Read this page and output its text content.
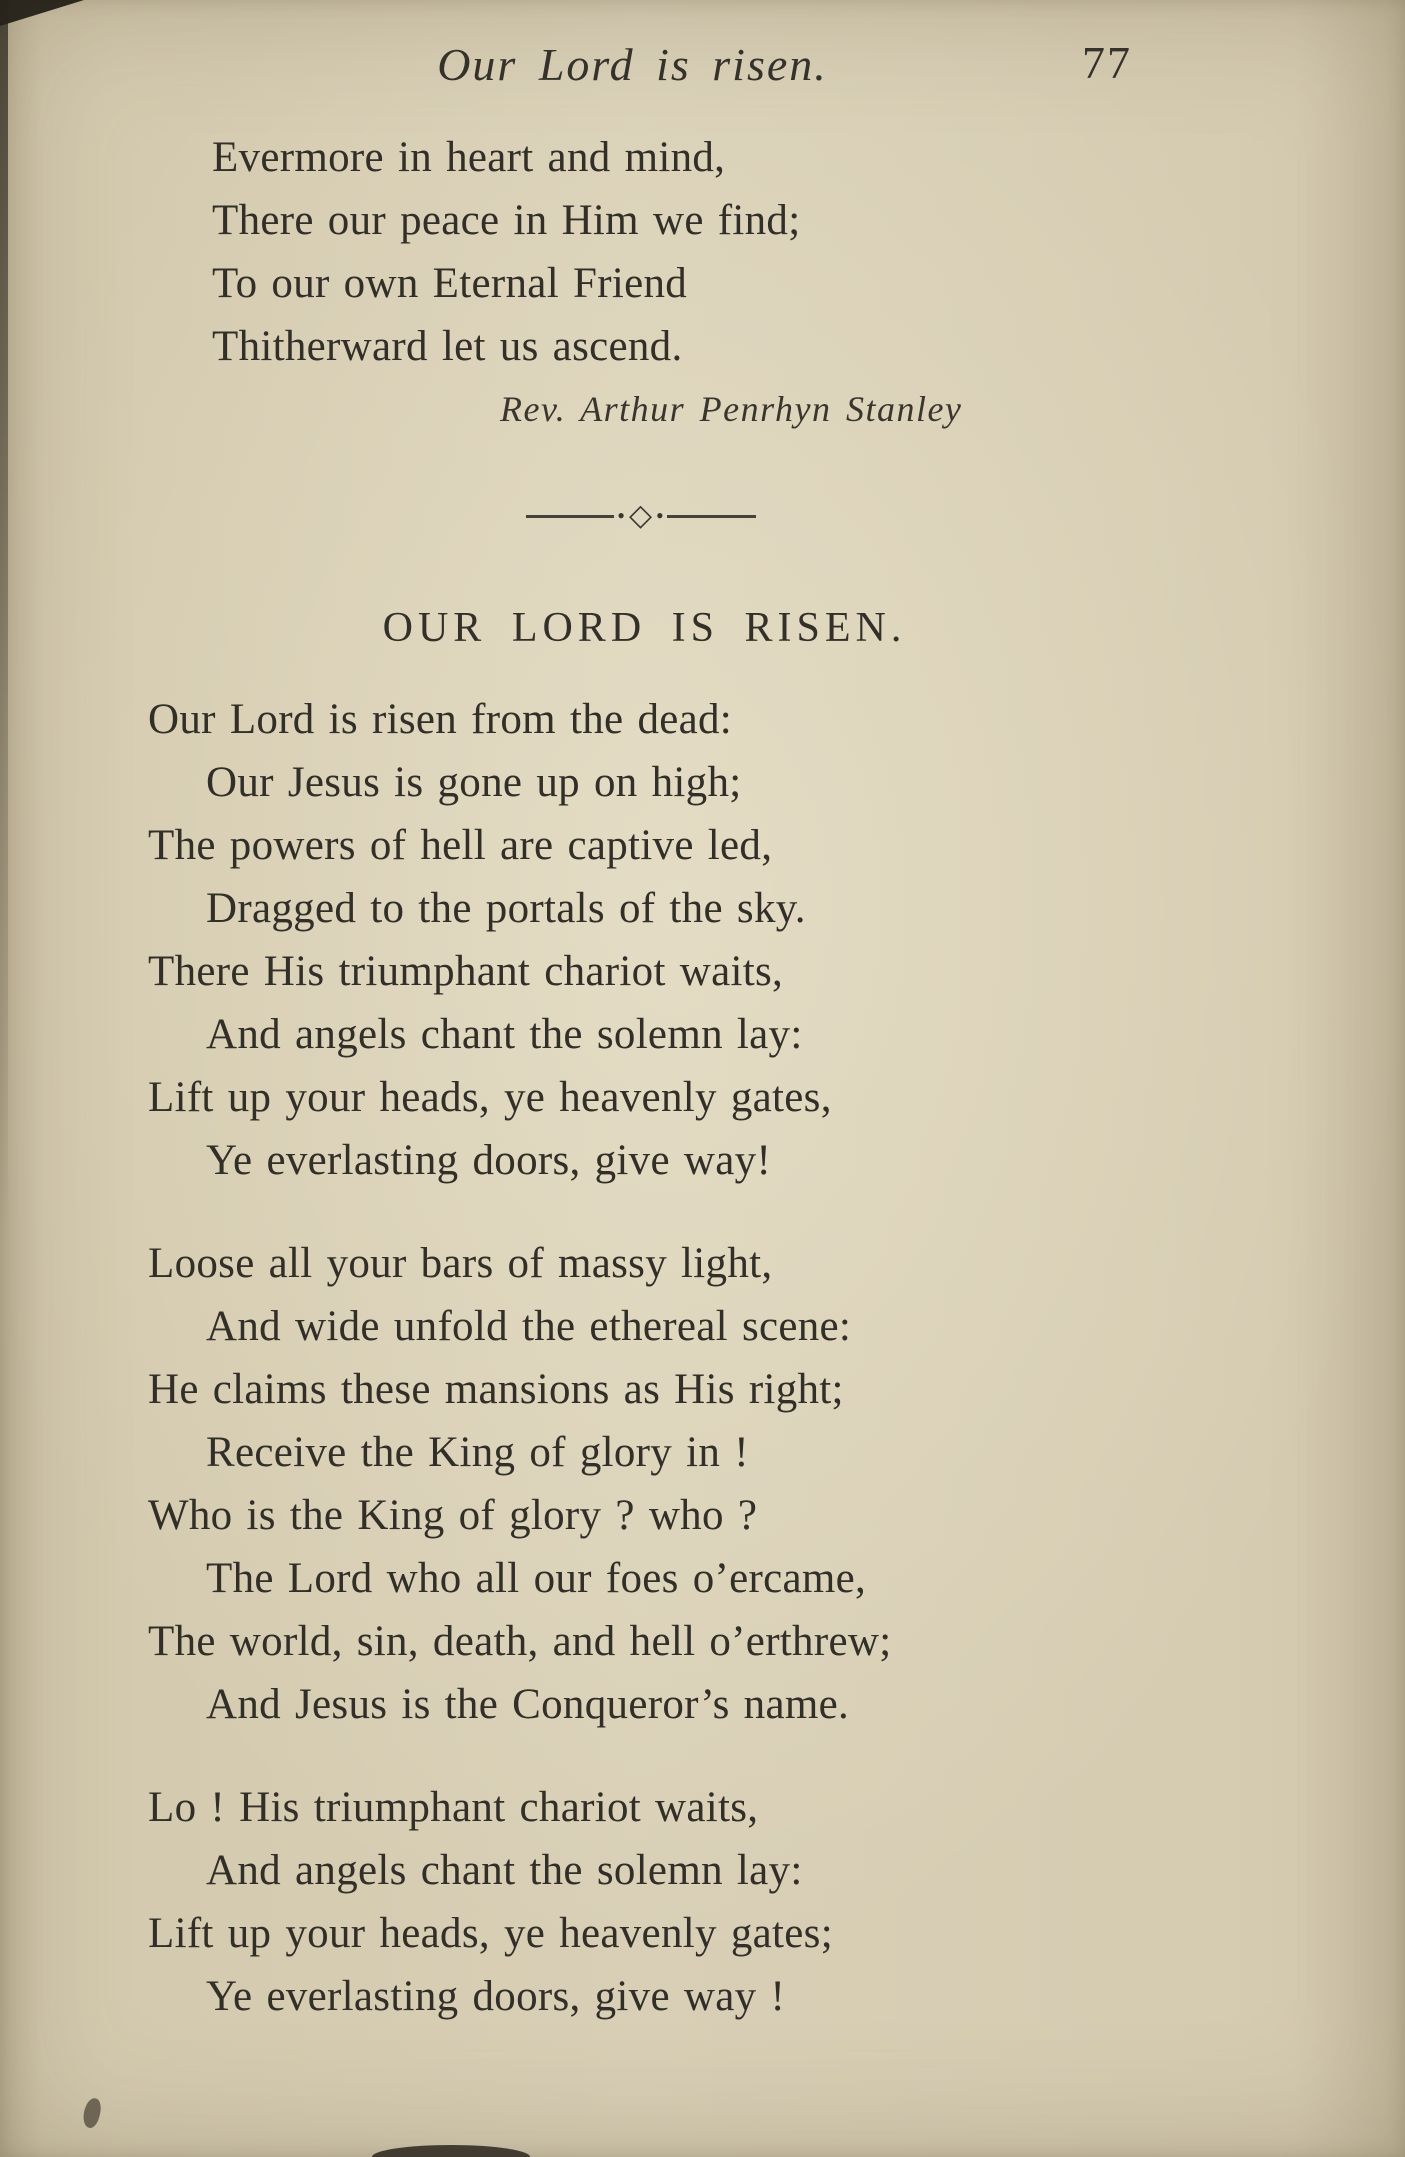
Our Lord is risen.	77

Evermore in heart and mind,

There our peace in Him we find;

To our own Eternal Friend

Thitherward let us ascend.

Rev. Arthur Penrhyn Stanley

• ◇ •
OUR LORD IS RISEN.

Our Lord is risen from the dead:

Our Jesus is gone up on high;

The powers of hell are captive led,

Dragged to the portals of the sky.

There His triumphant chariot waits,

And angels chant the solemn lay:

Lift up your heads, ye heavenly gates,

Ye everlasting doors, give way!

Loose all your bars of massy light,

And wide unfold the ethereal scene:

He claims these mansions as His right;

Receive the King of glory in !

Who is the King of glory ? who ?

The Lord who all our foes o’ercame,

The world, sin, death, and hell o’erthrew;

And Jesus is the Conqueror’s name.

Lo ! His triumphant chariot waits,

And angels chant the solemn lay:

Lift up your heads, ye heavenly gates;

Ye everlasting doors, give way !
